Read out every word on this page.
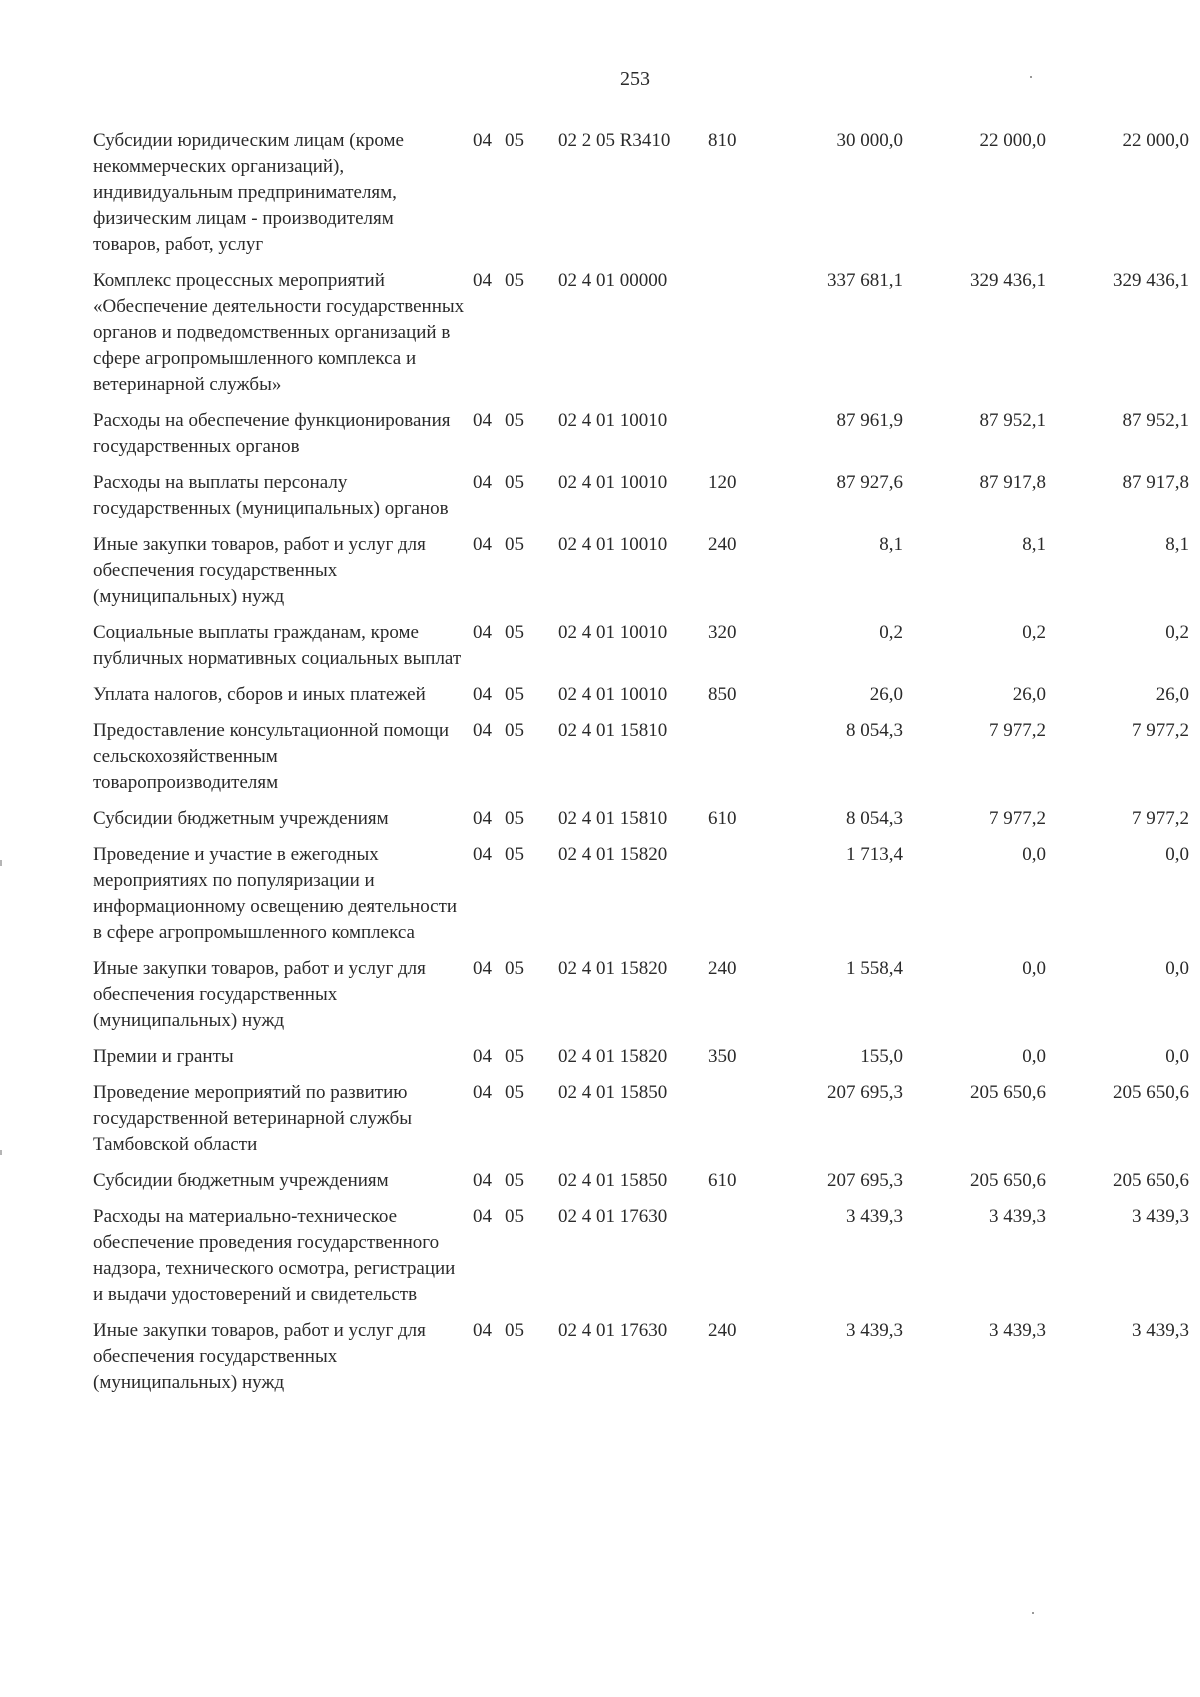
253
Субсидии юридическим лицам (кроме некоммерческих организаций), индивидуальным предпринимателям, физическим лицам - производителям товаров, работ, услуг	04 05	02 2 05 R3410	810	30 000,0	22 000,0	22 000,0
Комплекс процессных мероприятий «Обеспечение деятельности государственных органов и подведомственных организаций в сфере агропромышленного комплекса и ветеринарной службы»	04 05	02 4 01 00000		337 681,1	329 436,1	329 436,1
Расходы на обеспечение функционирования государственных органов	04 05	02 4 01 10010		87 961,9	87 952,1	87 952,1
Расходы на выплаты персоналу государственных (муниципальных) органов	04 05	02 4 01 10010	120	87 927,6	87 917,8	87 917,8
Иные закупки товаров, работ и услуг для обеспечения государственных (муниципальных) нужд	04 05	02 4 01 10010	240	8,1	8,1	8,1
Социальные выплаты гражданам, кроме публичных нормативных социальных выплат	04 05	02 4 01 10010	320	0,2	0,2	0,2
Уплата налогов, сборов и иных платежей	04 05	02 4 01 10010	850	26,0	26,0	26,0
Предоставление консультационной помощи сельскохозяйственным товаропроизводителям	04 05	02 4 01 15810		8 054,3	7 977,2	7 977,2
Субсидии бюджетным учреждениям	04 05	02 4 01 15810	610	8 054,3	7 977,2	7 977,2
Проведение и участие в ежегодных мероприятиях по популяризации и информационному освещению деятельности в сфере агропромышленного комплекса	04 05	02 4 01 15820		1 713,4	0,0	0,0
Иные закупки товаров, работ и услуг для обеспечения государственных (муниципальных) нужд	04 05	02 4 01 15820	240	1 558,4	0,0	0,0
Премии и гранты	04 05	02 4 01 15820	350	155,0	0,0	0,0
Проведение мероприятий по развитию государственной ветеринарной службы Тамбовской области	04 05	02 4 01 15850		207 695,3	205 650,6	205 650,6
Субсидии бюджетным учреждениям	04 05	02 4 01 15850	610	207 695,3	205 650,6	205 650,6
Расходы на материально-техническое обеспечение проведения государственного надзора, технического осмотра, регистрации и выдачи удостоверений и свидетельств	04 05	02 4 01 17630		3 439,3	3 439,3	3 439,3
Иные закупки товаров, работ и услуг для обеспечения государственных (муниципальных) нужд	04 05	02 4 01 17630	240	3 439,3	3 439,3	3 439,3
